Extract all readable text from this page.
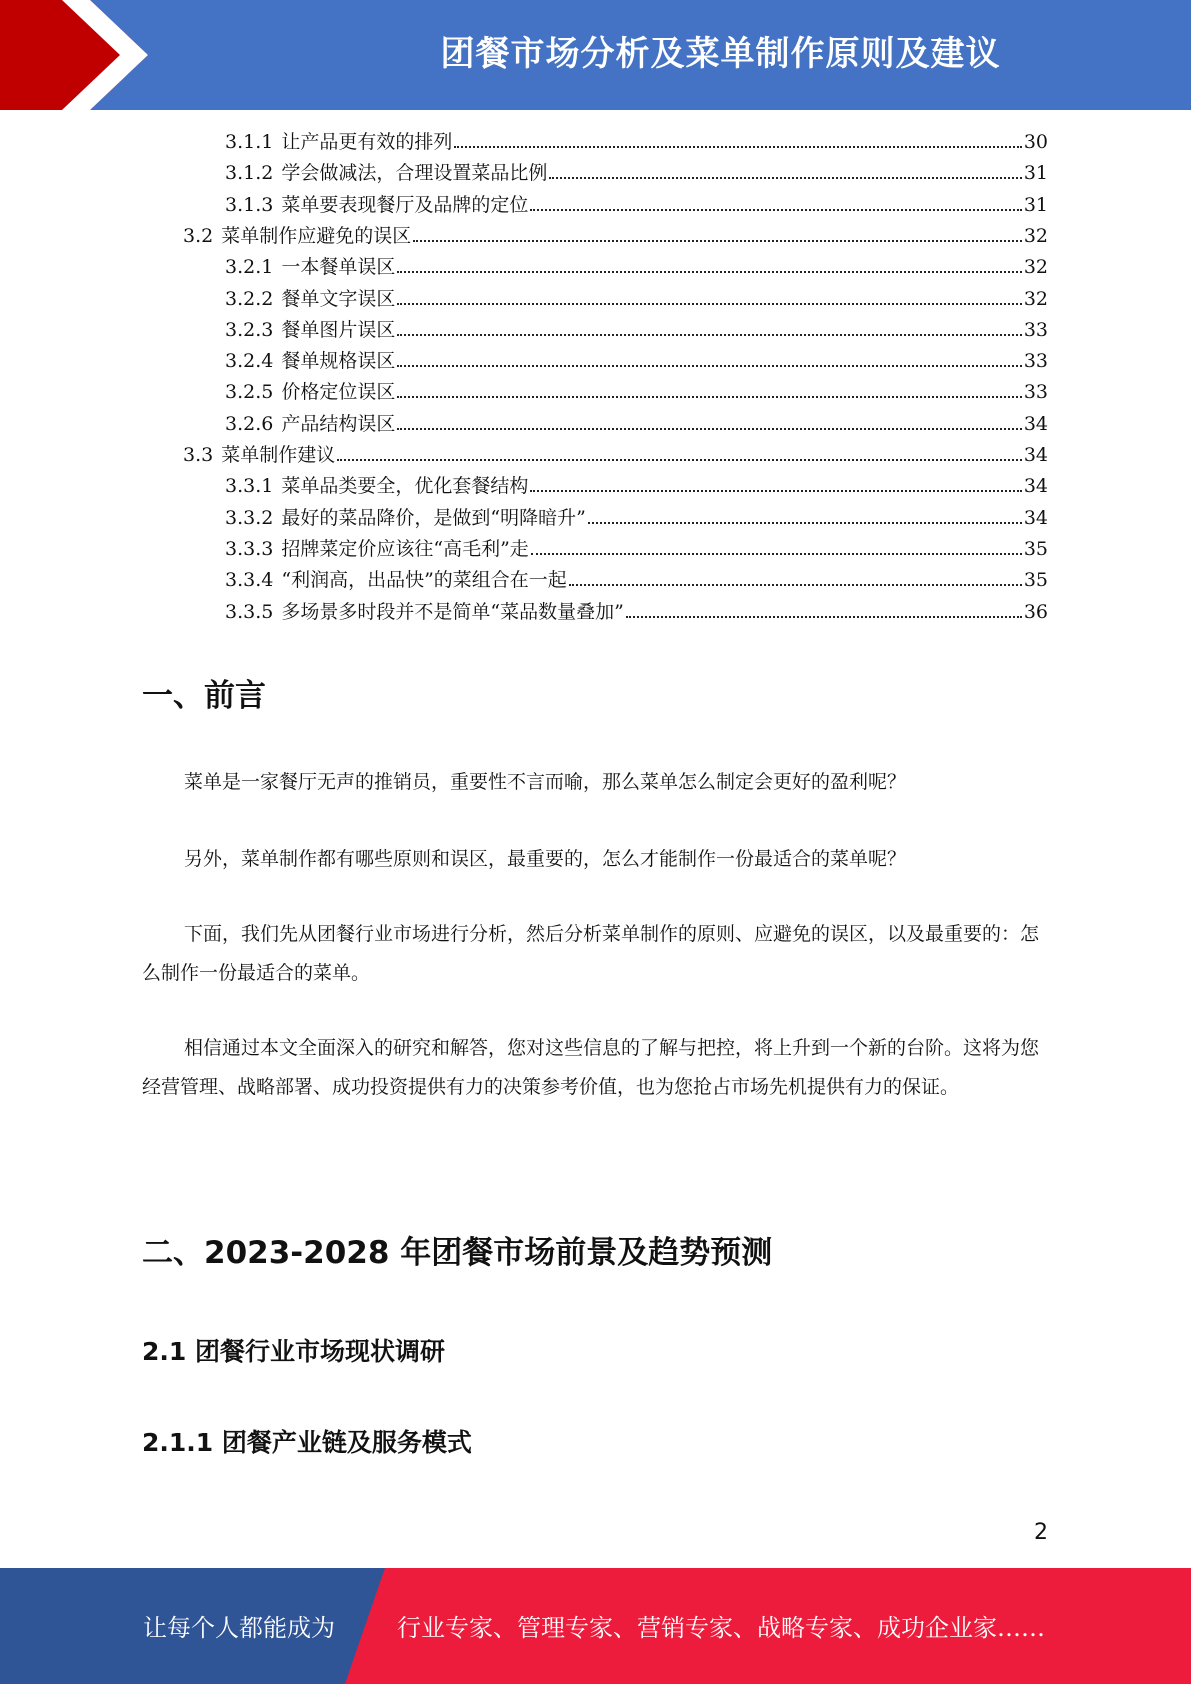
团餐市场分析及菜单制作原则及建议
3.1.1 让产品更有效的排列	30
3.1.2 学会做减法，合理设置菜品比例	31
3.1.3 菜单要表现餐厅及品牌的定位	31
3.2 菜单制作应避免的误区	32
3.2.1 一本餐单误区	32
3.2.2 餐单文字误区	32
3.2.3 餐单图片误区	33
3.2.4 餐单规格误区	33
3.2.5 价格定位误区	33
3.2.6 产品结构误区	34
3.3 菜单制作建议	34
3.3.1 菜单品类要全，优化套餐结构	34
3.3.2 最好的菜品降价，是做到“明降暗升”	34
3.3.3 招牌菜定价应该往“高毛利”走	35
3.3.4 “利润高，出品快”的菜组合在一起	35
3.3.5 多场景多时段并不是简单“菜品数量叠加”	36
一、前言

菜单是一家餐厅无声的推销员，重要性不言而喻，那么菜单怎么制定会更好的盈利呢？

另外，菜单制作都有哪些原则和误区，最重要的，怎么才能制作一份最适合的菜单呢？

下面，我们先从团餐行业市场进行分析，然后分析菜单制作的原则、应避免的误区，以及最重要的：怎么制作一份最适合的菜单。

相信通过本文全面深入的研究和解答，您对这些信息的了解与把控，将上升到一个新的台阶。这将为您经营管理、战略部署、成功投资提供有力的决策参考价值，也为您抢占市场先机提供有力的保证。

二、2023-2028 年团餐市场前景及趋势预测
2.1 团餐行业市场现状调研
2.1.1 团餐产业链及服务模式
2
让每个人都能成为	行业专家、管理专家、营销专家、战略专家、成功企业家……
